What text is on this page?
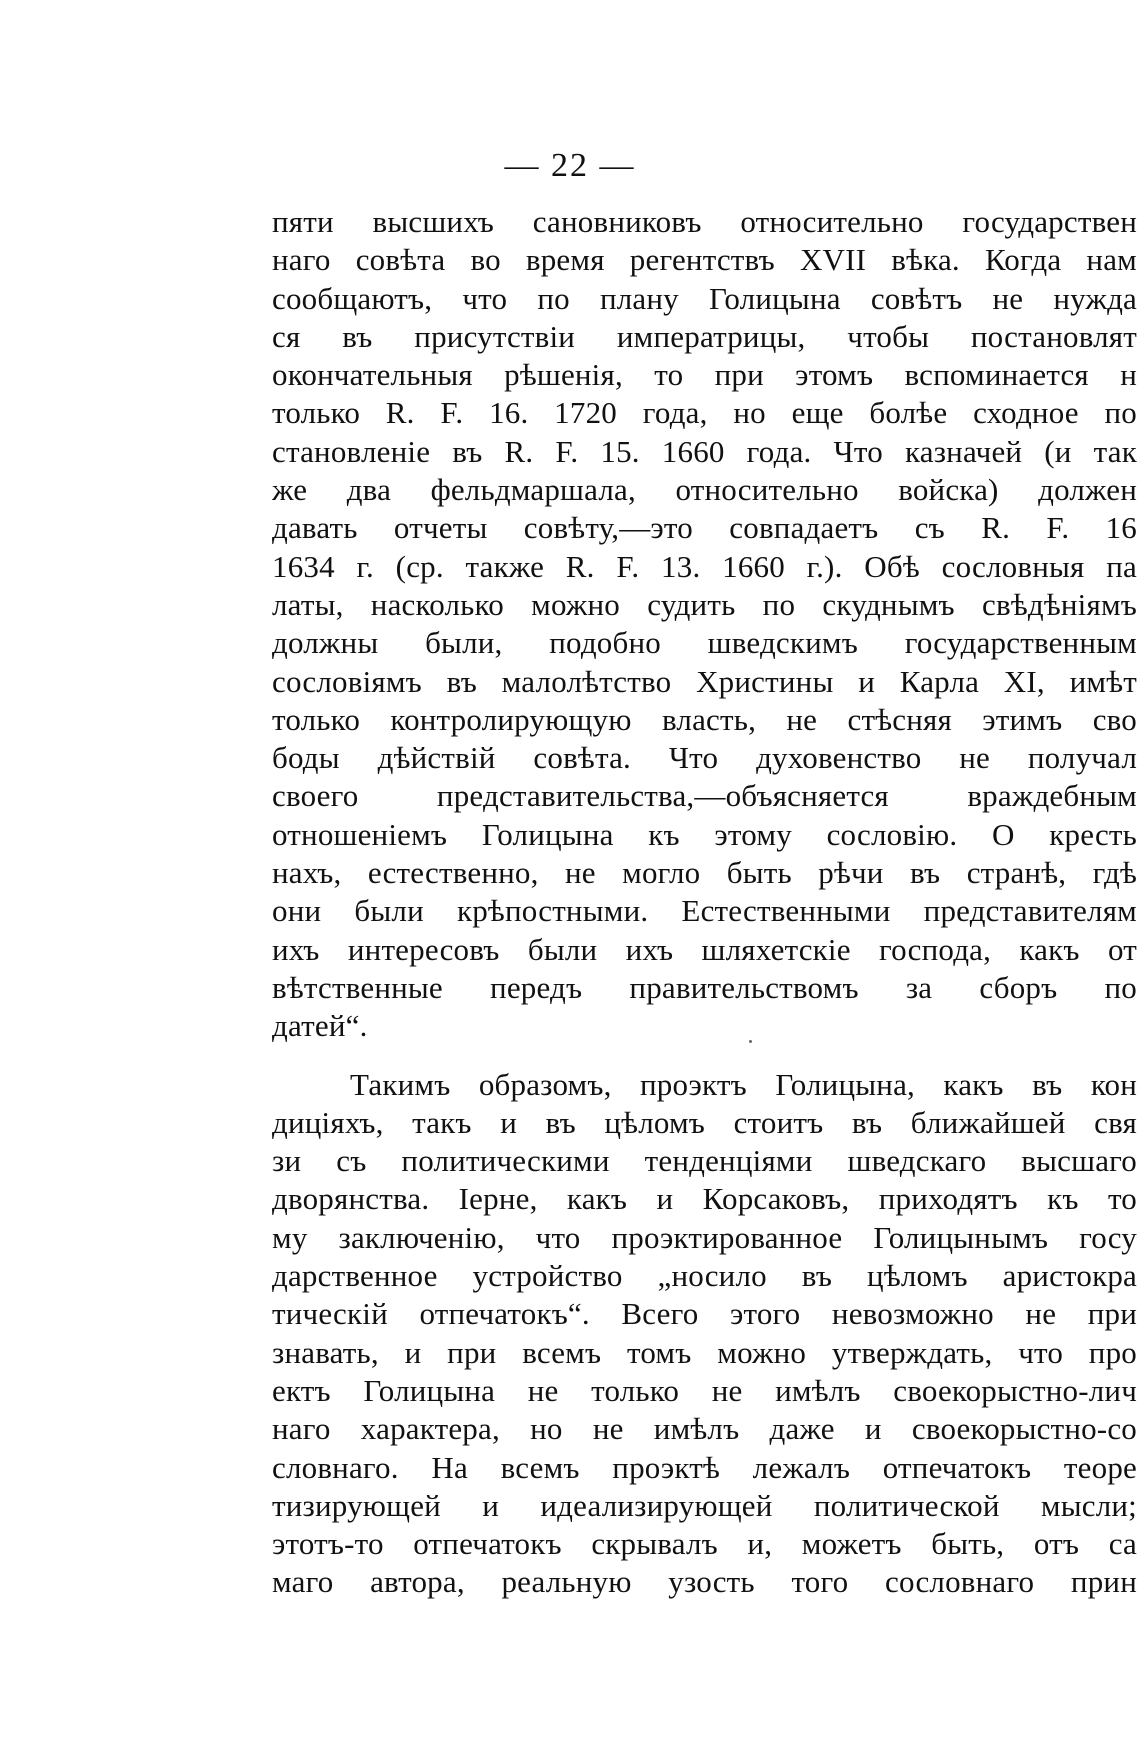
— 22 —
пяти высшихъ сановниковъ относительно государствен
наго совѣта во время регентствъ XVII вѣка. Когда нам
сообщаютъ, что по плану Голицына совѣтъ не нужда
ся въ присутствіи императрицы, чтобы постановлят
окончательныя рѣшенія, то при этомъ вспоминается н
только R. F. 16. 1720 года, но еще болѣе сходное по
становленіе въ R. F. 15. 1660 года. Что казначей (и так
же два фельдмаршала, относительно войска) должен
давать отчеты совѣту,—это совпадаетъ съ R. F. 16
1634 г. (ср. также R. F. 13. 1660 г.). Обѣ сословныя па
латы, насколько можно судить по скуднымъ свѣдѣніямъ
должны были, подобно шведскимъ государственным
сословіямъ въ малолѣтство Христины и Карла XI, имѣт
только контролирующую власть, не стѣсняя этимъ сво
боды дѣйствій совѣта. Что духовенство не получал
своего представительства,—объясняется враждебным
отношеніемъ Голицына къ этому сословію. О кресть
нахъ, естественно, не могло быть рѣчи въ странѣ, гдѣ
они были крѣпостными. Естественными представителям
ихъ интересовъ были ихъ шляхетскіе господа, какъ от
вѣтственные передъ правительствомъ за сборъ по
датей“.
Такимъ образомъ, проэктъ Голицына, какъ въ кон
диціяхъ, такъ и въ цѣломъ стоитъ въ ближайшей свя
зи съ политическими тенденціями шведскаго высшаго
дворянства. Іерне, какъ и Корсаковъ, приходятъ къ то
му заключенію, что проэктированное Голицынымъ госу
дарственное устройство „носило въ цѣломъ аристокра
тическій отпечатокъ“. Всего этого невозможно не при
знавать, и при всемъ томъ можно утверждать, что про
ектъ Голицына не только не имѣлъ своекорыстно-лич
наго характера, но не имѣлъ даже и своекорыстно-со
словнаго. На всемъ проэктѣ лежалъ отпечатокъ теоре
тизирующей и идеализирующей политической мысли;
этотъ-то отпечатокъ скрывалъ и, можетъ быть, отъ са
маго автора, реальную узость того сословнаго прин
